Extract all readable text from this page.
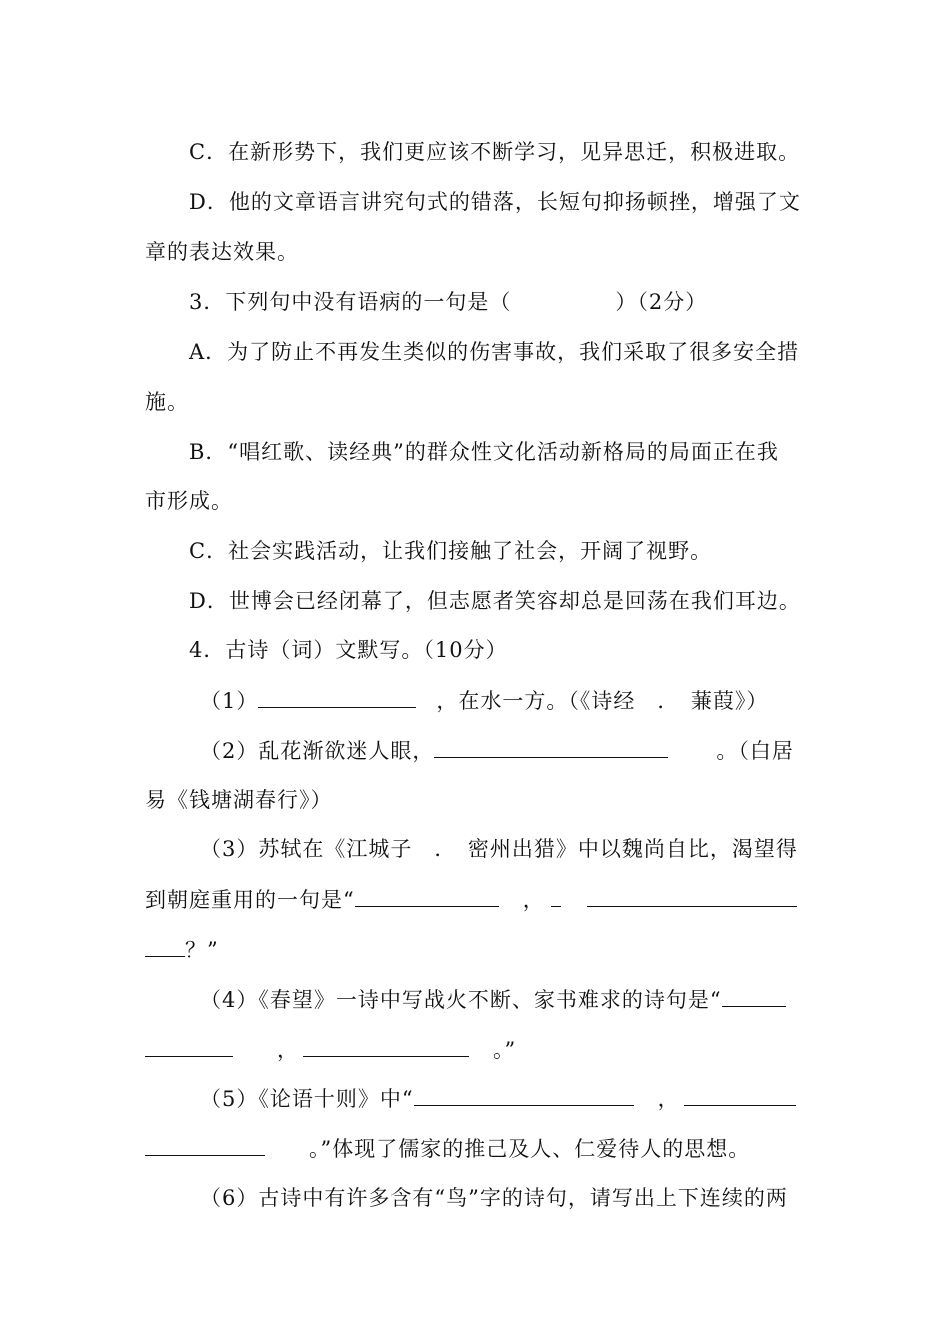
C．在新形势下，我们更应该不断学习，见异思迁，积极进取。
D．他的文章语言讲究句式的错落，长短句抑扬顿挫，增强了文
章的表达效果。
3．下列句中没有语病的一句是（	）（2分）
A．为了防止不再发生类似的伤害事故，我们采取了很多安全措
施。
B．“唱红歌、读经典”的群众性文化活动新格局的局面正在我
市形成。
C．社会实践活动，让我们接触了社会，开阔了视野。
D．世博会已经闭幕了，但志愿者笑容却总是回荡在我们耳边。
4．古诗（词）文默写。（10分）
（1）	，在水一方。（《诗经　．　蒹葭》）
（2）乱花渐欲迷人眼，	。（白居
易《钱塘湖春行》）
（3）苏轼在《江城子　．　密州出猎》中以魏尚自比，渴望得
到朝庭重用的一句是“	，
？”
（4）《春望》一诗中写战火不断、家书难求的诗句是“
，	。”
（5）《论语十则》中“	，
。”体现了儒家的推己及人、仁爱待人的思想。
（6）古诗中有许多含有“鸟”字的诗句，请写出上下连续的两
